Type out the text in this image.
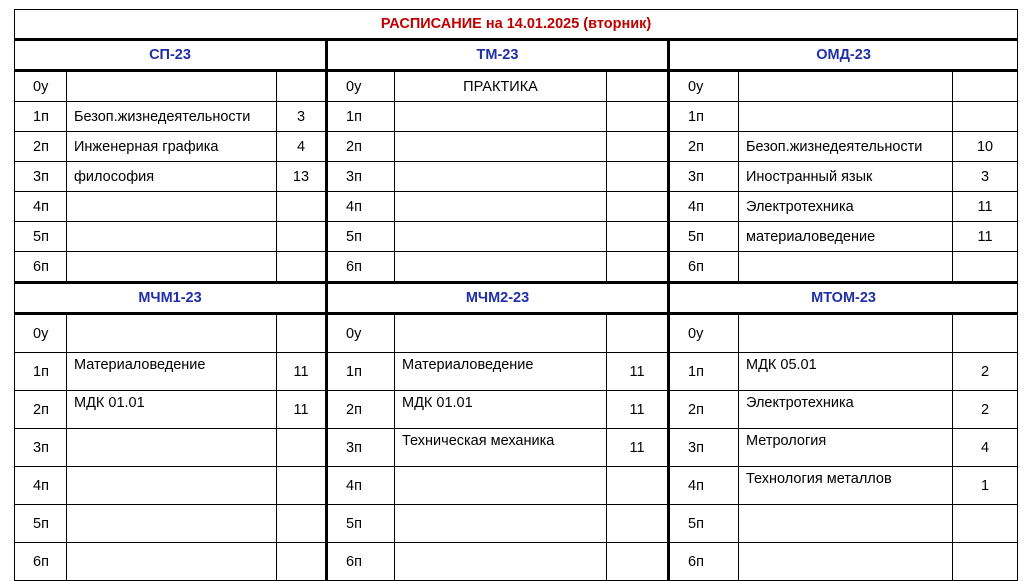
РАСПИСАНИЕ на 14.01.2025 (вторник)								
СП-23			ТМ-23			ОМД-23		
0у			0у	ПРАКТИКА		0у		
1п	Безоп.жизнедеятельности	3	1п			1п		
2п	Инженерная графика	4	2п			2п	Безоп.жизнедеятельности	10
3п	философия	13	3п			3п	Иностранный язык	3
4п			4п			4п	Электротехника	11
5п			5п			5п	материаловедение	11
6п			6п			6п		
МЧМ1-23			МЧМ2-23			МТОМ-23		
0у			0у			0у		
1п	Материаловедение	11	1п	Материаловедение	11	1п	МДК 05.01	2
2п	МДК 01.01	11	2п	МДК 01.01	11	2п	Электротехника	2
3п			3п	Техническая механика	11	3п	Метрология	4
4п			4п			4п	Технология металлов	1
5п			5п			5п		
6п			6п			6п		
